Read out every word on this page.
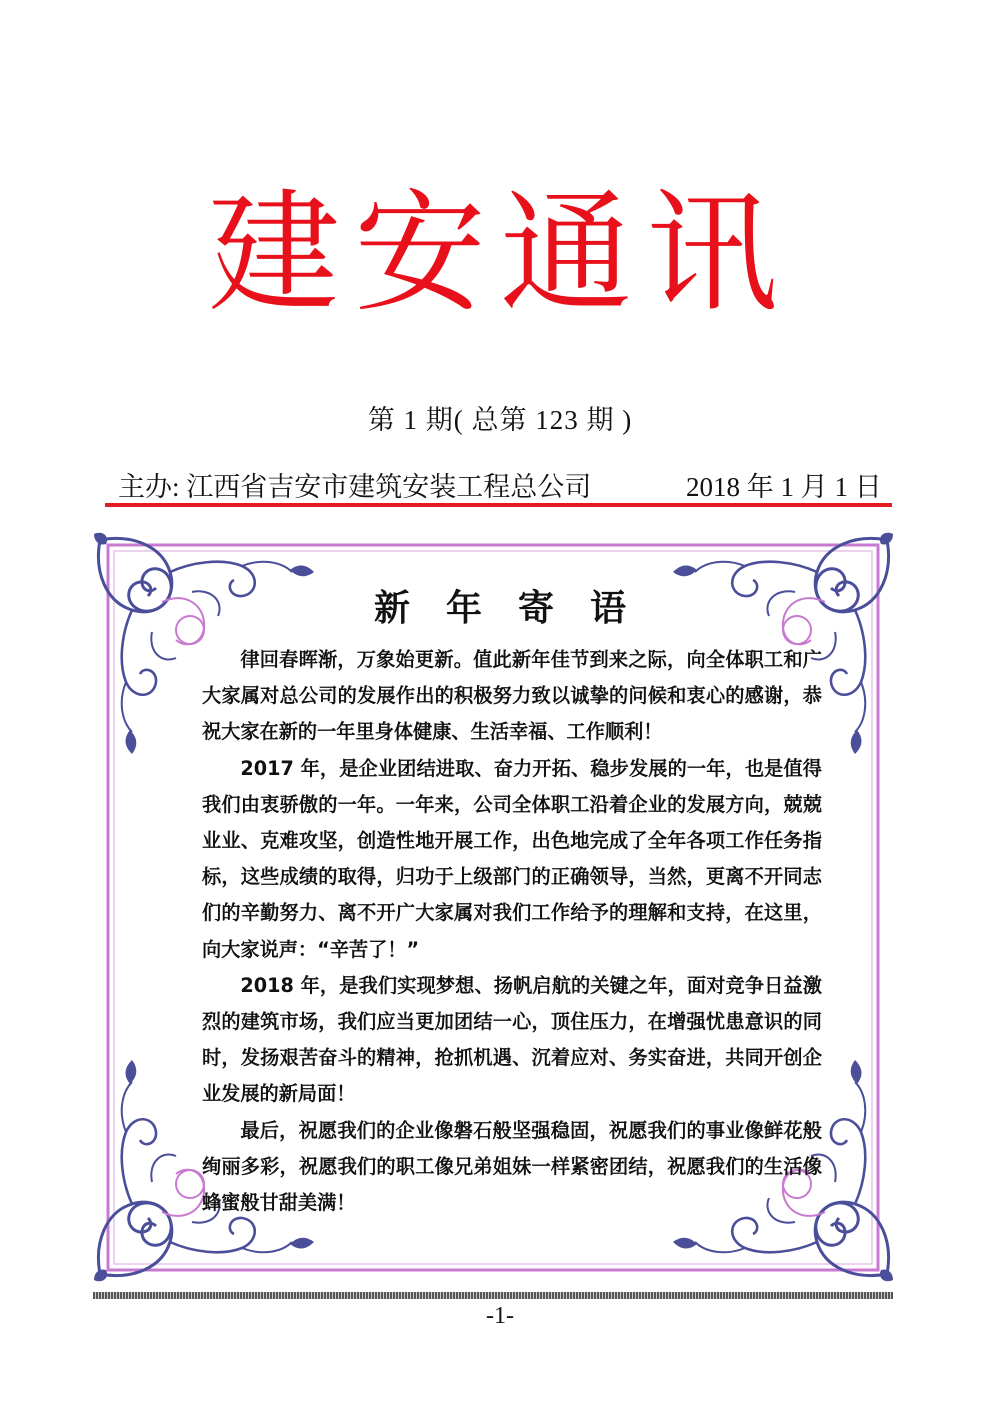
建安通讯
第 1 期( 总第 123 期 )
主办: 江西省吉安市建筑安装工程总公司	2018 年 1 月 1 日
新年寄语

律回春晖渐，万象始更新。值此新年佳节到来之际，向全体职工和广大家属对总公司的发展作出的积极努力致以诚挚的问候和衷心的感谢，恭祝大家在新的一年里身体健康、生活幸福、工作顺利！

2017 年，是企业团结进取、奋力开拓、稳步发展的一年，也是值得我们由衷骄傲的一年。一年来，公司全体职工沿着企业的发展方向，兢兢业业、克难攻坚，创造性地开展工作，出色地完成了全年各项工作任务指标，这些成绩的取得，归功于上级部门的正确领导，当然，更离不开同志们的辛勤努力、离不开广大家属对我们工作给予的理解和支持，在这里，向大家说声：“辛苦了！”

2018 年，是我们实现梦想、扬帆启航的关键之年，面对竞争日益激烈的建筑市场，我们应当更加团结一心，顶住压力，在增强忧患意识的同时，发扬艰苦奋斗的精神，抢抓机遇、沉着应对、务实奋进，共同开创企业发展的新局面！

最后，祝愿我们的企业像磐石般坚强稳固，祝愿我们的事业像鲜花般绚丽多彩，祝愿我们的职工像兄弟姐妹一样紧密团结，祝愿我们的生活像蜂蜜般甘甜美满！

-1-
